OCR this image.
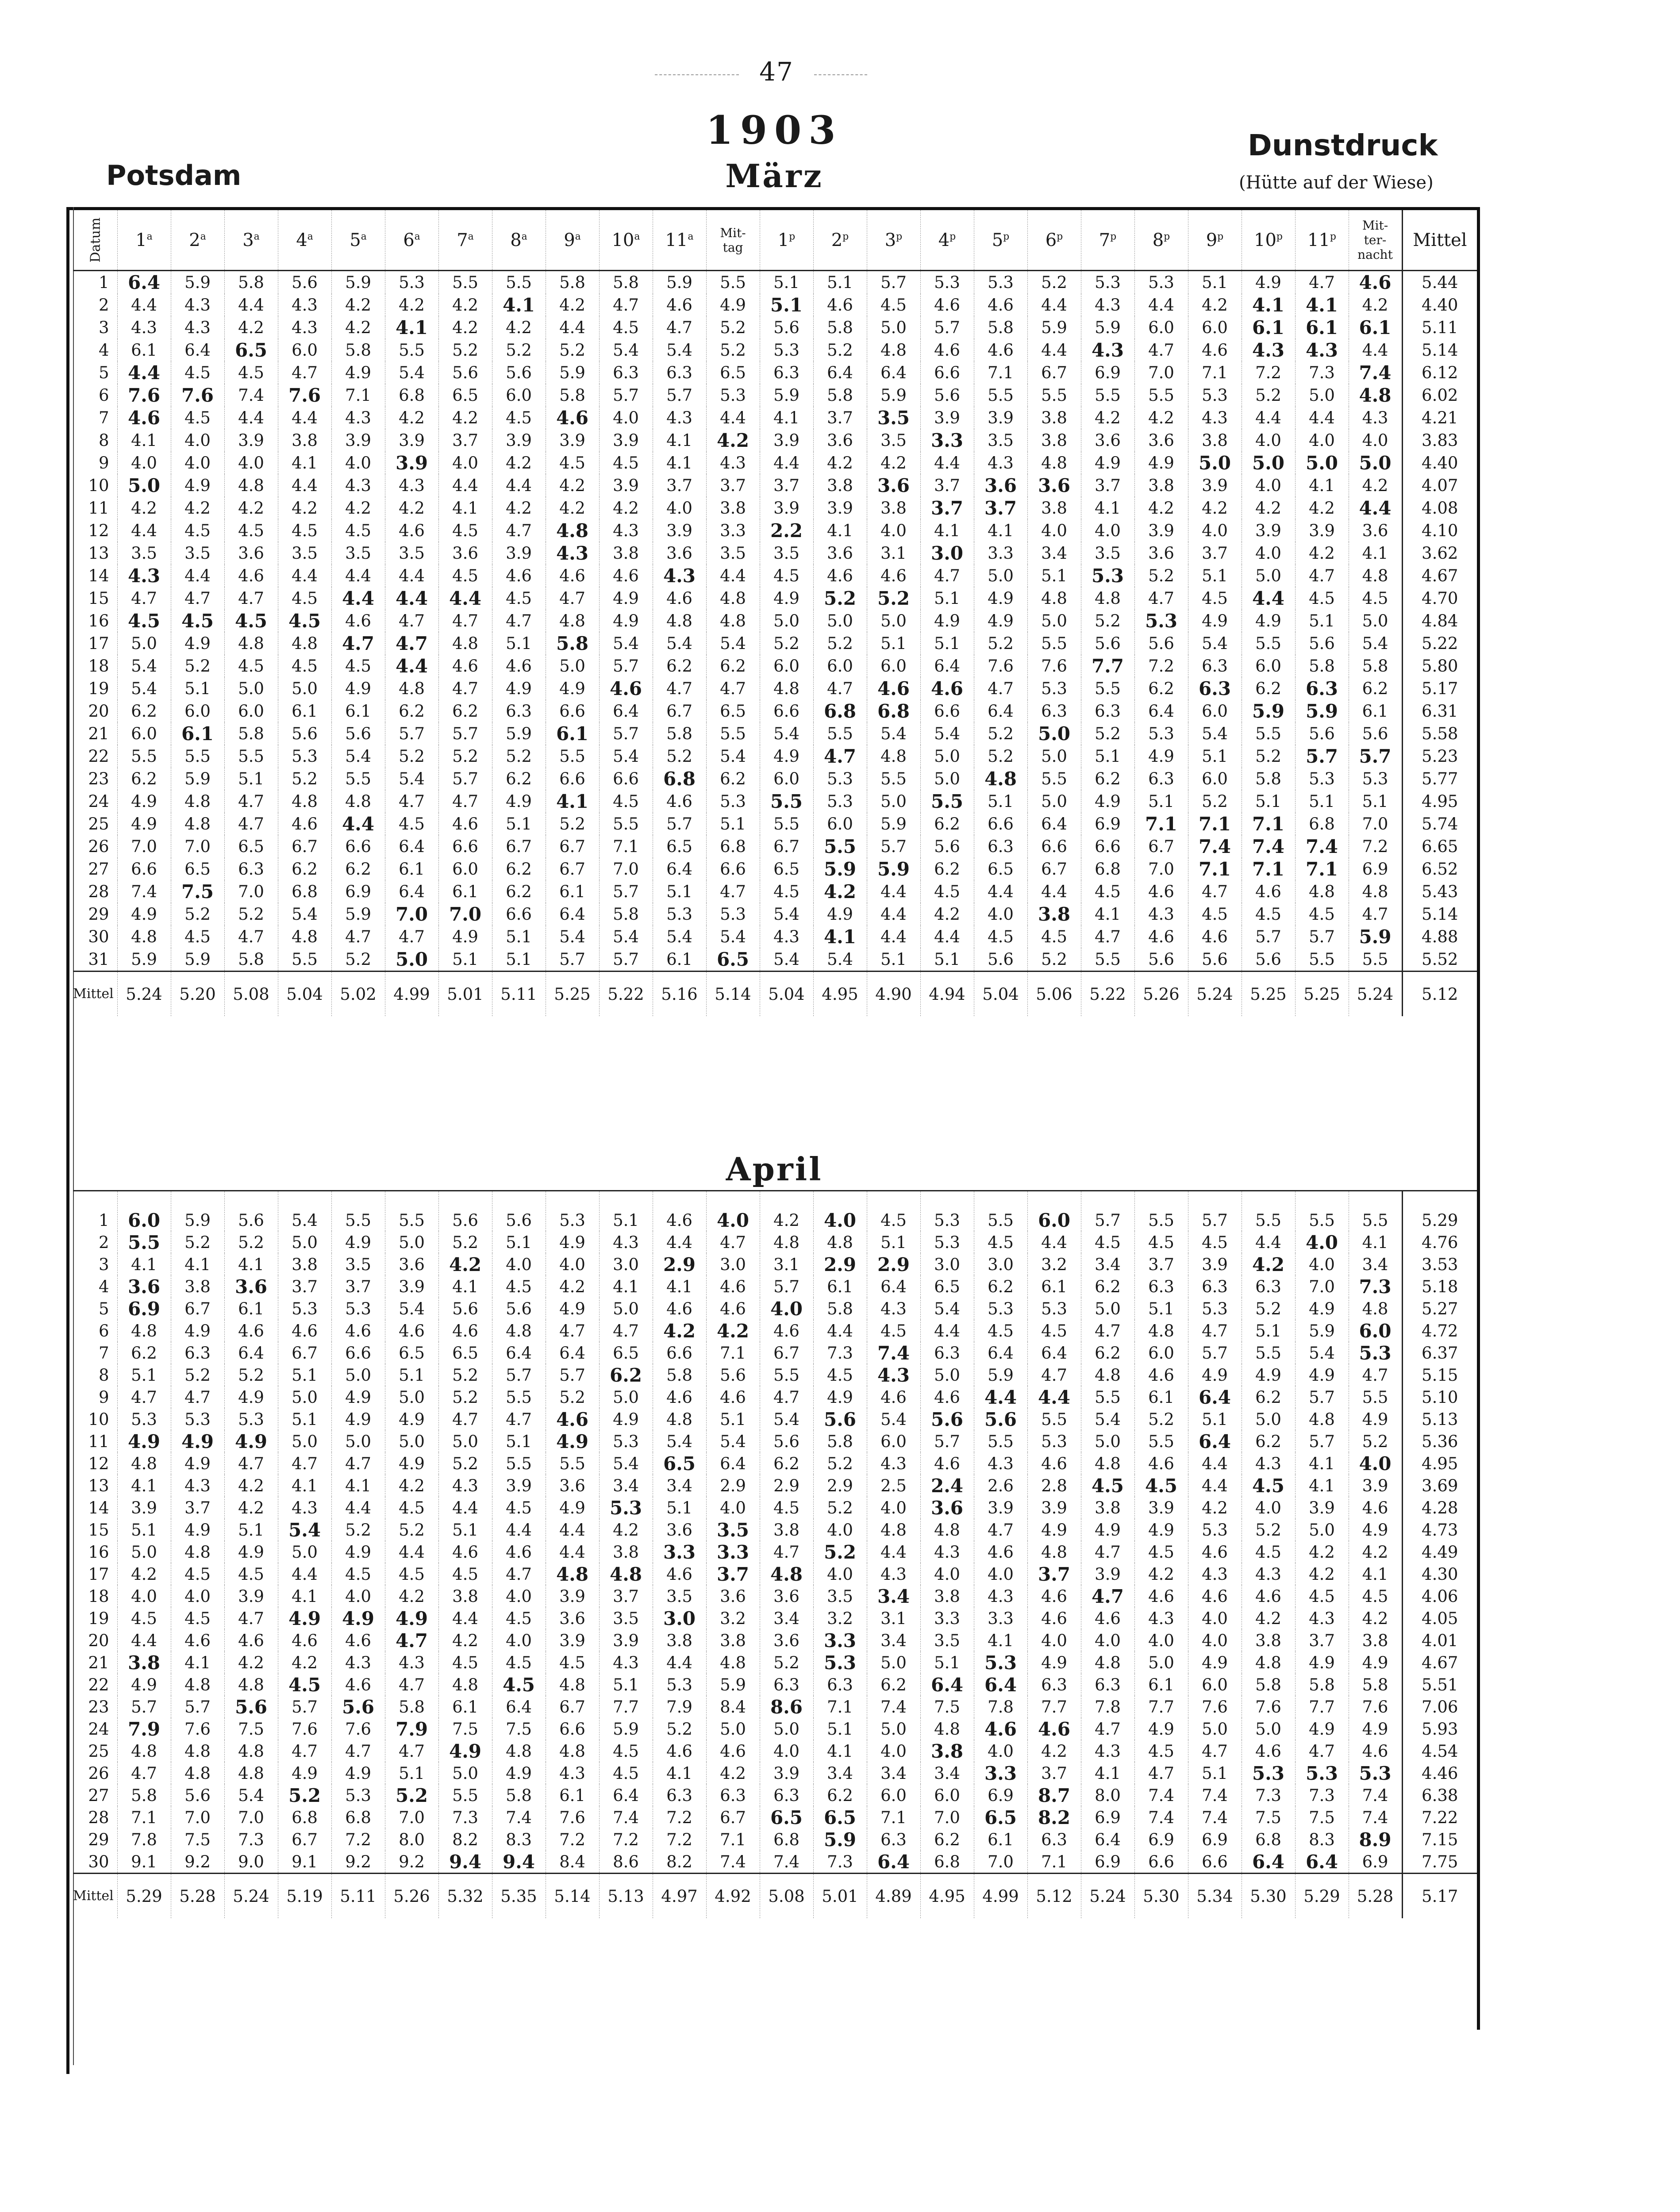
47
1903
Potsdam	März
Dunstdruck
(Hütte auf der Wiese)
Datum	1$^a$	2$^a$	3$^a$	4$^a$	5$^a$	6$^a$	7$^a$	8$^a$	9$^a$	10$^a$	11$^a$	Mit-
tag	1$^p$	2$^p$	3$^p$	4$^p$	5$^p$	6$^p$	7$^p$	8$^p$	9$^p$	10$^p$	11$^p$	Mit-
ter-
nacht	Mittel
1	6.4	5.9	5.8	5.6	5.9	5.3	5.5	5.5	5.8	5.8	5.9	5.5	5.1	5.1	5.7	5.3	5.3	5.2	5.3	5.3	5.1	4.9	4.7	4.6	5.44
2	4.4	4.3	4.4	4.3	4.2	4.2	4.2	4.1	4.2	4.7	4.6	4.9	5.1	4.6	4.5	4.6	4.6	4.4	4.3	4.4	4.2	4.1	4.1	4.2	4.40
3	4.3	4.3	4.2	4.3	4.2	4.1	4.2	4.2	4.4	4.5	4.7	5.2	5.6	5.8	5.0	5.7	5.8	5.9	5.9	6.0	6.0	6.1	6.1	6.1	5.11
4	6.1	6.4	6.5	6.0	5.8	5.5	5.2	5.2	5.2	5.4	5.4	5.2	5.3	5.2	4.8	4.6	4.6	4.4	4.3	4.7	4.6	4.3	4.3	4.4	5.14
5	4.4	4.5	4.5	4.7	4.9	5.4	5.6	5.6	5.9	6.3	6.3	6.5	6.3	6.4	6.4	6.6	7.1	6.7	6.9	7.0	7.1	7.2	7.3	7.4	6.12
6	7.6	7.6	7.4	7.6	7.1	6.8	6.5	6.0	5.8	5.7	5.7	5.3	5.9	5.8	5.9	5.6	5.5	5.5	5.5	5.5	5.3	5.2	5.0	4.8	6.02
7	4.6	4.5	4.4	4.4	4.3	4.2	4.2	4.5	4.6	4.0	4.3	4.4	4.1	3.7	3.5	3.9	3.9	3.8	4.2	4.2	4.3	4.4	4.4	4.3	4.21
8	4.1	4.0	3.9	3.8	3.9	3.9	3.7	3.9	3.9	3.9	4.1	4.2	3.9	3.6	3.5	3.3	3.5	3.8	3.6	3.6	3.8	4.0	4.0	4.0	3.83
9	4.0	4.0	4.0	4.1	4.0	3.9	4.0	4.2	4.5	4.5	4.1	4.3	4.4	4.2	4.2	4.4	4.3	4.8	4.9	4.9	5.0	5.0	5.0	5.0	4.40
10	5.0	4.9	4.8	4.4	4.3	4.3	4.4	4.4	4.2	3.9	3.7	3.7	3.7	3.8	3.6	3.7	3.6	3.6	3.7	3.8	3.9	4.0	4.1	4.2	4.07
11	4.2	4.2	4.2	4.2	4.2	4.2	4.1	4.2	4.2	4.2	4.0	3.8	3.9	3.9	3.8	3.7	3.7	3.8	4.1	4.2	4.2	4.2	4.2	4.4	4.08
12	4.4	4.5	4.5	4.5	4.5	4.6	4.5	4.7	4.8	4.3	3.9	3.3	2.2	4.1	4.0	4.1	4.1	4.0	4.0	3.9	4.0	3.9	3.9	3.6	4.10
13	3.5	3.5	3.6	3.5	3.5	3.5	3.6	3.9	4.3	3.8	3.6	3.5	3.5	3.6	3.1	3.0	3.3	3.4	3.5	3.6	3.7	4.0	4.2	4.1	3.62
14	4.3	4.4	4.6	4.4	4.4	4.4	4.5	4.6	4.6	4.6	4.3	4.4	4.5	4.6	4.6	4.7	5.0	5.1	5.3	5.2	5.1	5.0	4.7	4.8	4.67
15	4.7	4.7	4.7	4.5	4.4	4.4	4.4	4.5	4.7	4.9	4.6	4.8	4.9	5.2	5.2	5.1	4.9	4.8	4.8	4.7	4.5	4.4	4.5	4.5	4.70
16	4.5	4.5	4.5	4.5	4.6	4.7	4.7	4.7	4.8	4.9	4.8	4.8	5.0	5.0	5.0	4.9	4.9	5.0	5.2	5.3	4.9	4.9	5.1	5.0	4.84
17	5.0	4.9	4.8	4.8	4.7	4.7	4.8	5.1	5.8	5.4	5.4	5.4	5.2	5.2	5.1	5.1	5.2	5.5	5.6	5.6	5.4	5.5	5.6	5.4	5.22
18	5.4	5.2	4.5	4.5	4.5	4.4	4.6	4.6	5.0	5.7	6.2	6.2	6.0	6.0	6.0	6.4	7.6	7.6	7.7	7.2	6.3	6.0	5.8	5.8	5.80
19	5.4	5.1	5.0	5.0	4.9	4.8	4.7	4.9	4.9	4.6	4.7	4.7	4.8	4.7	4.6	4.6	4.7	5.3	5.5	6.2	6.3	6.2	6.3	6.2	5.17
20	6.2	6.0	6.0	6.1	6.1	6.2	6.2	6.3	6.6	6.4	6.7	6.5	6.6	6.8	6.8	6.6	6.4	6.3	6.3	6.4	6.0	5.9	5.9	6.1	6.31
21	6.0	6.1	5.8	5.6	5.6	5.7	5.7	5.9	6.1	5.7	5.8	5.5	5.4	5.5	5.4	5.4	5.2	5.0	5.2	5.3	5.4	5.5	5.6	5.6	5.58
22	5.5	5.5	5.5	5.3	5.4	5.2	5.2	5.2	5.5	5.4	5.2	5.4	4.9	4.7	4.8	5.0	5.2	5.0	5.1	4.9	5.1	5.2	5.7	5.7	5.23
23	6.2	5.9	5.1	5.2	5.5	5.4	5.7	6.2	6.6	6.6	6.8	6.2	6.0	5.3	5.5	5.0	4.8	5.5	6.2	6.3	6.0	5.8	5.3	5.3	5.77
24	4.9	4.8	4.7	4.8	4.8	4.7	4.7	4.9	4.1	4.5	4.6	5.3	5.5	5.3	5.0	5.5	5.1	5.0	4.9	5.1	5.2	5.1	5.1	5.1	4.95
25	4.9	4.8	4.7	4.6	4.4	4.5	4.6	5.1	5.2	5.5	5.7	5.1	5.5	6.0	5.9	6.2	6.6	6.4	6.9	7.1	7.1	7.1	6.8	7.0	5.74
26	7.0	7.0	6.5	6.7	6.6	6.4	6.6	6.7	6.7	7.1	6.5	6.8	6.7	5.5	5.7	5.6	6.3	6.6	6.6	6.7	7.4	7.4	7.4	7.2	6.65
27	6.6	6.5	6.3	6.2	6.2	6.1	6.0	6.2	6.7	7.0	6.4	6.6	6.5	5.9	5.9	6.2	6.5	6.7	6.8	7.0	7.1	7.1	7.1	6.9	6.52
28	7.4	7.5	7.0	6.8	6.9	6.4	6.1	6.2	6.1	5.7	5.1	4.7	4.5	4.2	4.4	4.5	4.4	4.4	4.5	4.6	4.7	4.6	4.8	4.8	5.43
29	4.9	5.2	5.2	5.4	5.9	7.0	7.0	6.6	6.4	5.8	5.3	5.3	5.4	4.9	4.4	4.2	4.0	3.8	4.1	4.3	4.5	4.5	4.5	4.7	5.14
30	4.8	4.5	4.7	4.8	4.7	4.7	4.9	5.1	5.4	5.4	5.4	5.4	4.3	4.1	4.4	4.4	4.5	4.5	4.7	4.6	4.6	5.7	5.7	5.9	4.88
31	5.9	5.9	5.8	5.5	5.2	5.0	5.1	5.1	5.7	5.7	6.1	6.5	5.4	5.4	5.1	5.1	5.6	5.2	5.5	5.6	5.6	5.6	5.5	5.5	5.52
Mittel	5.24	5.20	5.08	5.04	5.02	4.99	5.01	5.11	5.25	5.22	5.16	5.14	5.04	4.95	4.90	4.94	5.04	5.06	5.22	5.26	5.24	5.25	5.25	5.24	5.12
April
1	6.0	5.9	5.6	5.4	5.5	5.5	5.6	5.6	5.3	5.1	4.6	4.0	4.2	4.0	4.5	5.3	5.5	6.0	5.7	5.5	5.7	5.5	5.5	5.5	5.29
2	5.5	5.2	5.2	5.0	4.9	5.0	5.2	5.1	4.9	4.3	4.4	4.7	4.8	4.8	5.1	5.3	4.5	4.4	4.5	4.5	4.5	4.4	4.0	4.1	4.76
3	4.1	4.1	4.1	3.8	3.5	3.6	4.2	4.0	4.0	3.0	2.9	3.0	3.1	2.9	2.9	3.0	3.0	3.2	3.4	3.7	3.9	4.2	4.0	3.4	3.53
4	3.6	3.8	3.6	3.7	3.7	3.9	4.1	4.5	4.2	4.1	4.1	4.6	5.7	6.1	6.4	6.5	6.2	6.1	6.2	6.3	6.3	6.3	7.0	7.3	5.18
5	6.9	6.7	6.1	5.3	5.3	5.4	5.6	5.6	4.9	5.0	4.6	4.6	4.0	5.8	4.3	5.4	5.3	5.3	5.0	5.1	5.3	5.2	4.9	4.8	5.27
6	4.8	4.9	4.6	4.6	4.6	4.6	4.6	4.8	4.7	4.7	4.2	4.2	4.6	4.4	4.5	4.4	4.5	4.5	4.7	4.8	4.7	5.1	5.9	6.0	4.72
7	6.2	6.3	6.4	6.7	6.6	6.5	6.5	6.4	6.4	6.5	6.6	7.1	6.7	7.3	7.4	6.3	6.4	6.4	6.2	6.0	5.7	5.5	5.4	5.3	6.37
8	5.1	5.2	5.2	5.1	5.0	5.1	5.2	5.7	5.7	6.2	5.8	5.6	5.5	4.5	4.3	5.0	5.9	4.7	4.8	4.6	4.9	4.9	4.9	4.7	5.15
9	4.7	4.7	4.9	5.0	4.9	5.0	5.2	5.5	5.2	5.0	4.6	4.6	4.7	4.9	4.6	4.6	4.4	4.4	5.5	6.1	6.4	6.2	5.7	5.5	5.10
10	5.3	5.3	5.3	5.1	4.9	4.9	4.7	4.7	4.6	4.9	4.8	5.1	5.4	5.6	5.4	5.6	5.6	5.5	5.4	5.2	5.1	5.0	4.8	4.9	5.13
11	4.9	4.9	4.9	5.0	5.0	5.0	5.0	5.1	4.9	5.3	5.4	5.4	5.6	5.8	6.0	5.7	5.5	5.3	5.0	5.5	6.4	6.2	5.7	5.2	5.36
12	4.8	4.9	4.7	4.7	4.7	4.9	5.2	5.5	5.5	5.4	6.5	6.4	6.2	5.2	4.3	4.6	4.3	4.6	4.8	4.6	4.4	4.3	4.1	4.0	4.95
13	4.1	4.3	4.2	4.1	4.1	4.2	4.3	3.9	3.6	3.4	3.4	2.9	2.9	2.9	2.5	2.4	2.6	2.8	4.5	4.5	4.4	4.5	4.1	3.9	3.69
14	3.9	3.7	4.2	4.3	4.4	4.5	4.4	4.5	4.9	5.3	5.1	4.0	4.5	5.2	4.0	3.6	3.9	3.9	3.8	3.9	4.2	4.0	3.9	4.6	4.28
15	5.1	4.9	5.1	5.4	5.2	5.2	5.1	4.4	4.4	4.2	3.6	3.5	3.8	4.0	4.8	4.8	4.7	4.9	4.9	4.9	5.3	5.2	5.0	4.9	4.73
16	5.0	4.8	4.9	5.0	4.9	4.4	4.6	4.6	4.4	3.8	3.3	3.3	4.7	5.2	4.4	4.3	4.6	4.8	4.7	4.5	4.6	4.5	4.2	4.2	4.49
17	4.2	4.5	4.5	4.4	4.5	4.5	4.5	4.7	4.8	4.8	4.6	3.7	4.8	4.0	4.3	4.0	4.0	3.7	3.9	4.2	4.3	4.3	4.2	4.1	4.30
18	4.0	4.0	3.9	4.1	4.0	4.2	3.8	4.0	3.9	3.7	3.5	3.6	3.6	3.5	3.4	3.8	4.3	4.6	4.7	4.6	4.6	4.6	4.5	4.5	4.06
19	4.5	4.5	4.7	4.9	4.9	4.9	4.4	4.5	3.6	3.5	3.0	3.2	3.4	3.2	3.1	3.3	3.3	4.6	4.6	4.3	4.0	4.2	4.3	4.2	4.05
20	4.4	4.6	4.6	4.6	4.6	4.7	4.2	4.0	3.9	3.9	3.8	3.8	3.6	3.3	3.4	3.5	4.1	4.0	4.0	4.0	4.0	3.8	3.7	3.8	4.01
21	3.8	4.1	4.2	4.2	4.3	4.3	4.5	4.5	4.5	4.3	4.4	4.8	5.2	5.3	5.0	5.1	5.3	4.9	4.8	5.0	4.9	4.8	4.9	4.9	4.67
22	4.9	4.8	4.8	4.5	4.6	4.7	4.8	4.5	4.8	5.1	5.3	5.9	6.3	6.3	6.2	6.4	6.4	6.3	6.3	6.1	6.0	5.8	5.8	5.8	5.51
23	5.7	5.7	5.6	5.7	5.6	5.8	6.1	6.4	6.7	7.7	7.9	8.4	8.6	7.1	7.4	7.5	7.8	7.7	7.8	7.7	7.6	7.6	7.7	7.6	7.06
24	7.9	7.6	7.5	7.6	7.6	7.9	7.5	7.5	6.6	5.9	5.2	5.0	5.0	5.1	5.0	4.8	4.6	4.6	4.7	4.9	5.0	5.0	4.9	4.9	5.93
25	4.8	4.8	4.8	4.7	4.7	4.7	4.9	4.8	4.8	4.5	4.6	4.6	4.0	4.1	4.0	3.8	4.0	4.2	4.3	4.5	4.7	4.6	4.7	4.6	4.54
26	4.7	4.8	4.8	4.9	4.9	5.1	5.0	4.9	4.3	4.5	4.1	4.2	3.9	3.4	3.4	3.4	3.3	3.7	4.1	4.7	5.1	5.3	5.3	5.3	4.46
27	5.8	5.6	5.4	5.2	5.3	5.2	5.5	5.8	6.1	6.4	6.3	6.3	6.3	6.2	6.0	6.0	6.9	8.7	8.0	7.4	7.4	7.3	7.3	7.4	6.38
28	7.1	7.0	7.0	6.8	6.8	7.0	7.3	7.4	7.6	7.4	7.2	6.7	6.5	6.5	7.1	7.0	6.5	8.2	6.9	7.4	7.4	7.5	7.5	7.4	7.22
29	7.8	7.5	7.3	6.7	7.2	8.0	8.2	8.3	7.2	7.2	7.2	7.1	6.8	5.9	6.3	6.2	6.1	6.3	6.4	6.9	6.9	6.8	8.3	8.9	7.15
30	9.1	9.2	9.0	9.1	9.2	9.2	9.4	9.4	8.4	8.6	8.2	7.4	7.4	7.3	6.4	6.8	7.0	7.1	6.9	6.6	6.6	6.4	6.4	6.9	7.75
Mittel	5.29	5.28	5.24	5.19	5.11	5.26	5.32	5.35	5.14	5.13	4.97	4.92	5.08	5.01	4.89	4.95	4.99	5.12	5.24	5.30	5.34	5.30	5.29	5.28	5.17
